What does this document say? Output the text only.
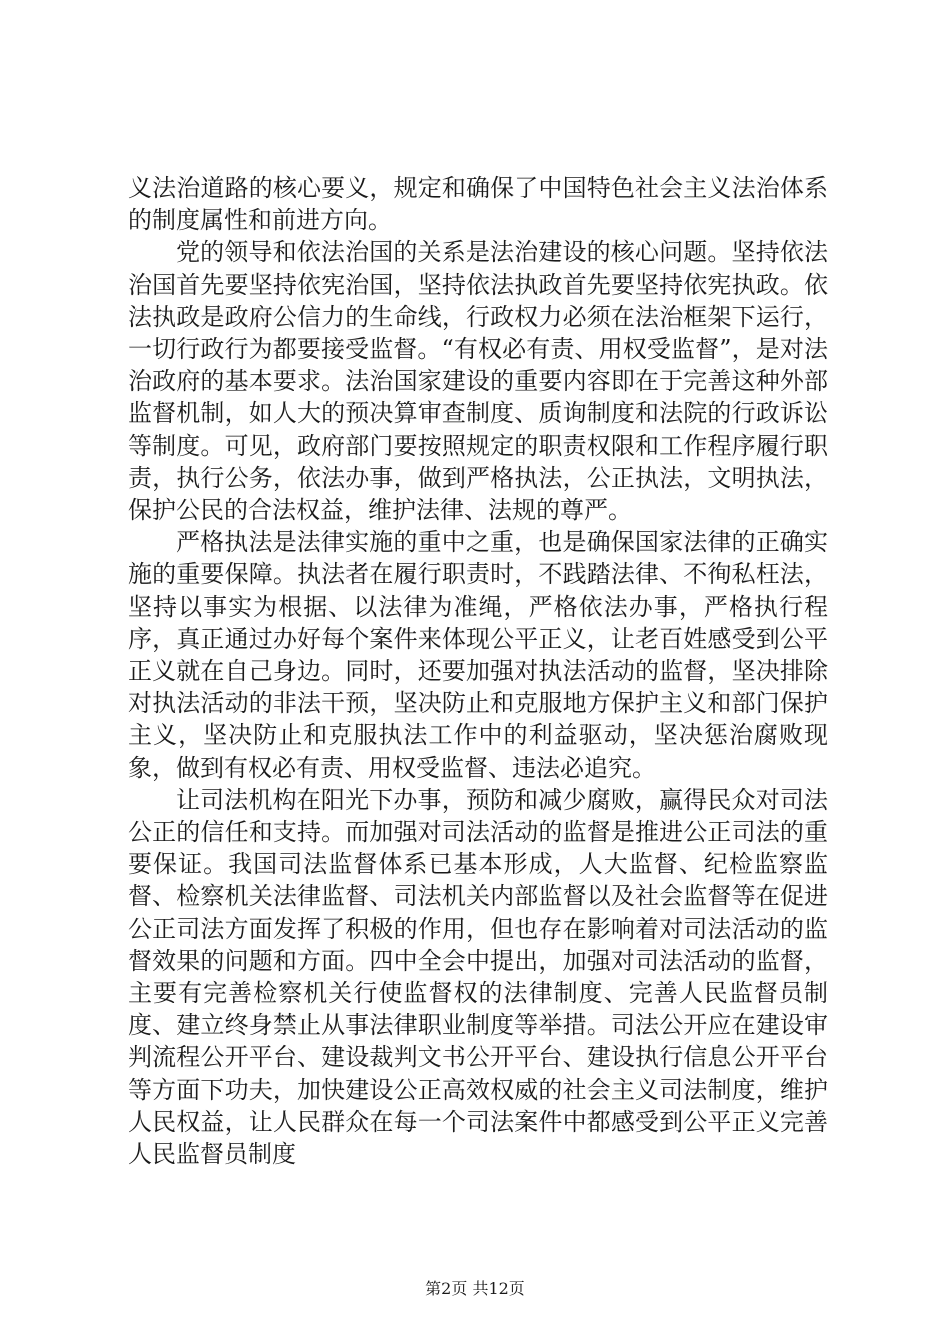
义法治道路的核心要义，规定和确保了中国特色社会主义法治体系的制度属性和前进方向。

党的领导和依法治国的关系是法治建设的核心问题。坚持依法治国首先要坚持依宪治国，坚持依法执政首先要坚持依宪执政。依法执政是政府公信力的生命线，行政权力必须在法治框架下运行，一切行政行为都要接受监督。“有权必有责、用权受监督”，是对法治政府的基本要求。法治国家建设的重要内容即在于完善这种外部监督机制，如人大的预决算审查制度、质询制度和法院的行政诉讼等制度。可见，政府部门要按照规定的职责权限和工作程序履行职责，执行公务，依法办事，做到严格执法，公正执法，文明执法，保护公民的合法权益，维护法律、法规的尊严。

严格执法是法律实施的重中之重，也是确保国家法律的正确实施的重要保障。执法者在履行职责时，不践踏法律、不徇私枉法，坚持以事实为根据、以法律为准绳，严格依法办事，严格执行程序，真正通过办好每个案件来体现公平正义，让老百姓感受到公平正义就在自己身边。同时，还要加强对执法活动的监督，坚决排除对执法活动的非法干预，坚决防止和克服地方保护主义和部门保护主义，坚决防止和克服执法工作中的利益驱动，坚决惩治腐败现象，做到有权必有责、用权受监督、违法必追究。

让司法机构在阳光下办事，预防和减少腐败，赢得民众对司法公正的信任和支持。而加强对司法活动的监督是推进公正司法的重要保证。我国司法监督体系已基本形成，人大监督、纪检监察监督、检察机关法律监督、司法机关内部监督以及社会监督等在促进公正司法方面发挥了积极的作用，但也存在影响着对司法活动的监督效果的问题和方面。四中全会中提出，加强对司法活动的监督，主要有完善检察机关行使监督权的法律制度、完善人民监督员制度、建立终身禁止从事法律职业制度等举措。司法公开应在建设审判流程公开平台、建设裁判文书公开平台、建设执行信息公开平台等方面下功夫，加快建设公正高效权威的社会主义司法制度，维护人民权益，让人民群众在每一个司法案件中都感受到公平正义完善人民监督员制度

第2页 共12页
